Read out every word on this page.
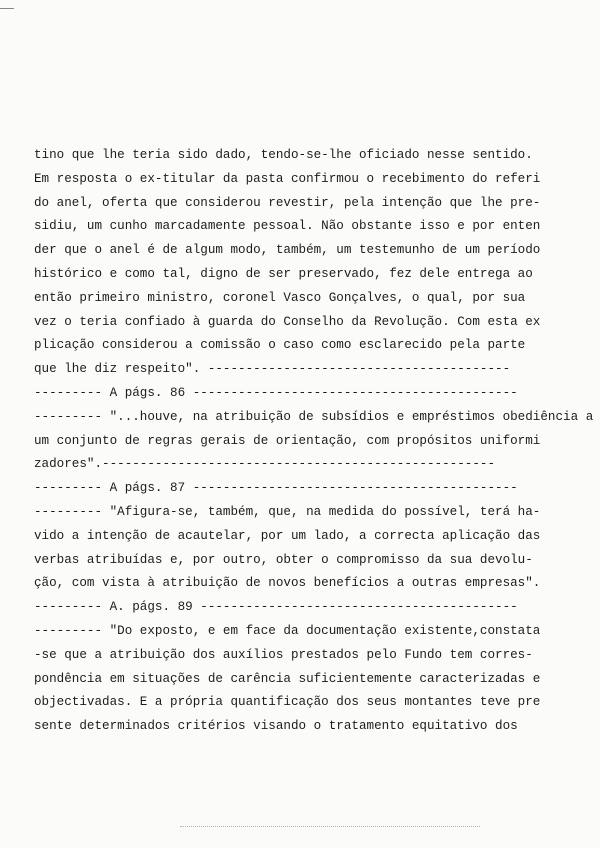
tino que lhe teria sido dado, tendo-se-lhe oficiado nesse sentido.
Em resposta o ex-titular da pasta confirmou o recebimento do referi
do anel, oferta que considerou revestir, pela intenção que lhe pre-
sidiu, um cunho marcadamente pessoal. Não obstante isso e por enten
der que o anel é de algum modo, também, um testemunho de um período
histórico e como tal, digno de ser preservado, fez dele entrega ao
então primeiro ministro, coronel Vasco Gonçalves, o qual, por sua
vez o teria confiado à guarda do Conselho da Revolução. Com esta ex
plicação considerou a comissão o caso como esclarecido pela parte
que lhe diz respeito". ----------------------------------------
--------- A págs. 86 -------------------------------------------
--------- "...houve, na atribuição de subsídios e empréstimos obediência a
um conjunto de regras gerais de orientação, com propósitos uniformi
zadores".----------------------------------------------------
--------- A págs. 87 -------------------------------------------
--------- "Afigura-se, também, que, na medida do possível, terá ha-
vido a intenção de acautelar, por um lado, a correcta aplicação das
verbas atribuídas e, por outro, obter o compromisso da sua devolu-
ção, com vista à atribuição de novos benefícios a outras empresas".
--------- A. págs. 89 ------------------------------------------
--------- "Do exposto, e em face da documentação existente,constata
-se que a atribuição dos auxílios prestados pelo Fundo tem corres-
pondência em situações de carência suficientemente caracterizadas e
objectivadas. E a própria quantificação dos seus montantes teve pre
sente determinados critérios visando o tratamento equitativo dos
